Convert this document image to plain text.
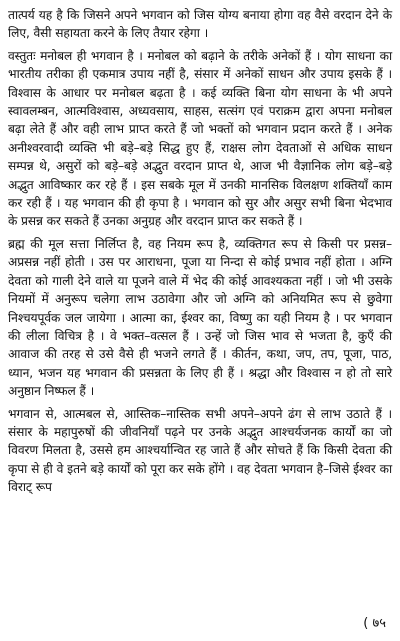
तात्पर्य यह है कि जिसने अपने भगवान को जिस योग्य बनाया होगा वह वैसे वरदान देने के लिए, वैसी सहायता करने के लिए तैयार रहेगा ।

वस्तुतः मनोबल ही भगवान है । मनोबल को बढ़ाने के तरीके अनेकों हैं । योग साधना का भारतीय तरीका ही एकमात्र उपाय नहीं है, संसार में अनेकों साधन और उपाय इसके हैं । विश्वास के आधार पर मनोबल बढ़ता है । कई व्यक्ति बिना योग साधना के भी अपने स्वावलम्बन, आत्मविश्वास, अध्यवसाय, साहस, सत्संग एवं पराक्रम द्वारा अपना मनोबल बढ़ा लेते हैं और वही लाभ प्राप्त करते हैं जो भक्तों को भगवान प्रदान करते हैं । अनेक अनीश्वरवादी व्यक्ति भी बड़े–बड़े सिद्ध हुए हैं, राक्षस लोग देवताओं से अधिक साधन सम्पन्न थे, असुरों को बड़े–बड़े अद्भुत वरदान प्राप्त थे, आज भी वैज्ञानिक लोग बड़े–बड़े अद्भुत आविष्कार कर रहे हैं । इस सबके मूल में उनकी मानसिक विलक्षण शक्तियाँ काम कर रही हैं । यह भगवान की ही कृपा है । भगवान को सुर और असुर सभी बिना भेदभाव के प्रसन्न कर सकते हैं उनका अनुग्रह और वरदान प्राप्त कर सकते हैं ।

ब्रह्म की मूल सत्ता निर्लिप्त है, वह नियम रूप है, व्यक्तिगत रूप से किसी पर प्रसन्न–अप्रसन्न नहीं होती । उस पर आराधना, पूजा या निन्दा से कोई प्रभाव नहीं होता । अग्नि देवता को गाली देने वाले या पूजने वाले में भेद की कोई आवश्यकता नहीं । जो भी उसके नियमों में अनुरूप चलेगा लाभ उठावेगा और जो अग्नि को अनियमित रूप से छुवेगा निश्चयपूर्वक जल जायेगा । आत्मा का, ईश्वर का, विष्णु का यही नियम है । पर भगवान की लीला विचित्र है । वे भक्त–वत्सल हैं । उन्हें जो जिस भाव से भजता है, कुएँ की आवाज की तरह से उसे वैसे ही भजने लगते हैं । कीर्तन, कथा, जप, तप, पूजा, पाठ, ध्यान, भजन यह भगवान की प्रसन्नता के लिए ही हैं । श्रद्धा और विश्वास न हो तो सारे अनुष्ठान निष्फल हैं ।

भगवान से, आत्मबल से, आस्तिक–नास्तिक सभी अपने–अपने ढंग से लाभ उठाते हैं । संसार के महापुरुषों की जीवनियाँ पढ़ने पर उनके अद्भुत आश्चर्यजनक कार्यों का जो विवरण मिलता है, उससे हम आश्चर्यान्वित रह जाते हैं और सोचते हैं कि किसी देवता की कृपा से ही वे इतने बड़े कार्यों को पूरा कर सके होंगे । वह देवता भगवान है–जिसे ईश्वर का विराट् रूप

( ७५
